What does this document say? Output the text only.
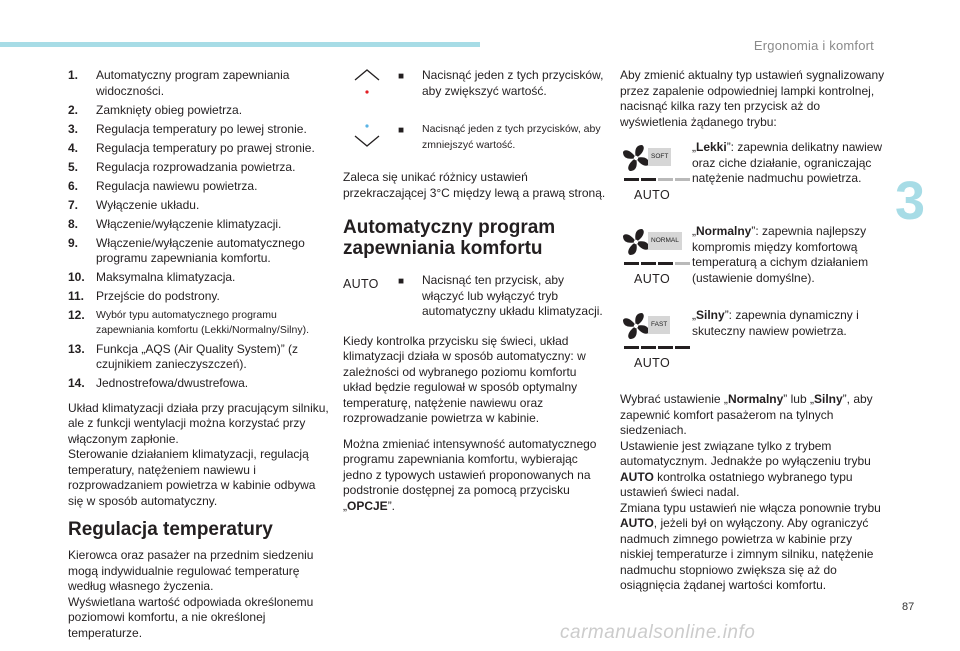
Ergonomia i komfort
3
87
carmanualsonline.info
1.	Automatyczny program zapewniania widoczności.
2.	Zamknięty obieg powietrza.
3.	Regulacja temperatury po lewej stronie.
4.	Regulacja temperatury po prawej stronie.
5.	Regulacja rozprowadzania powietrza.
6.	Regulacja nawiewu powietrza.
7.	Wyłączenie układu.
8.	Włączenie/wyłączenie klimatyzacji.
9.	Włączenie/wyłączenie automatycznego programu zapewniania komfortu.
10. Maksymalna klimatyzacja.
11. Przejście do podstrony.
12.	Wybór typu automatycznego programu zapewniania komfortu (Lekki/Normalny/Silny).
13. Funkcja „AQS (Air Quality System)” (z czujnikiem zanieczyszczeń).
14. Jednostrefowa/dwustrefowa.

Układ klimatyzacji działa przy pracującym silniku, ale z funkcji wentylacji można korzystać przy włączonym zapłonie.

Sterowanie działaniem klimatyzacji, regulacją temperatury, natężeniem nawiewu i rozprowadzaniem powietrza w kabinie odbywa się w sposób automatyczny.

Regulacja temperatury

Kierowca oraz pasażer na przednim siedzeniu mogą indywidualnie regulować temperaturę według własnego życzenia.

Wyświetlana wartość odpowiada określonemu poziomowi komfortu, a nie określonej temperaturze.

■	Nacisnąć jeden z tych przycisków, aby zwiększyć wartość.
■	Nacisnąć jeden z tych przycisków, aby zmniejszyć wartość.

Zaleca się unikać różnicy ustawień przekraczającej 3°C między lewą a prawą stroną.

Automatyczny program zapewniania komfortu
AUTO	■	Nacisnąć ten przycisk, aby włączyć lub wyłączyć tryb automatyczny układu klimatyzacji.

Kiedy kontrolka przycisku się świeci, układ klimatyzacji działa w sposób automatyczny: w zależności od wybranego poziomu komfortu układ będzie regulował w sposób optymalny temperaturę, natężenie nawiewu oraz rozprowadzanie powietrza w kabinie.

Można zmieniać intensywność automatycznego programu zapewniania komfortu, wybierając jedno z typowych ustawień proponowanych na podstronie dostępnej za pomocą przycisku „OPCJE”.

Aby zmienić aktualny typ ustawień sygnalizowany przez zapalenie odpowiedniej lampki kontrolnej, nacisnąć kilka razy ten przycisk aż do wyświetlenia żądanego trybu:

SOFT
AUTO
„Lekki”: zapewnia delikatny nawiew oraz ciche działanie, ograniczając natężenie nadmuchu powietrza.
NORMAL
AUTO
„Normalny”: zapewnia najlepszy kompromis między komfortową temperaturą a cichym działaniem (ustawienie domyślne).
FAST
AUTO
„Silny”: zapewnia dynamiczny i skuteczny nawiew powietrza.

Wybrać ustawienie „Normalny” lub „Silny”, aby zapewnić komfort pasażerom na tylnych siedzeniach.

Ustawienie jest związane tylko z trybem automatycznym. Jednakże po wyłączeniu trybu AUTO kontrolka ostatniego wybranego typu ustawień świeci nadal.

Zmiana typu ustawień nie włącza ponownie trybu AUTO, jeżeli był on wyłączony. Aby ograniczyć nadmuch zimnego powietrza w kabinie przy niskiej temperaturze i zimnym silniku, natężenie nadmuchu stopniowo zwiększa się aż do osiągnięcia żądanej wartości komfortu.
